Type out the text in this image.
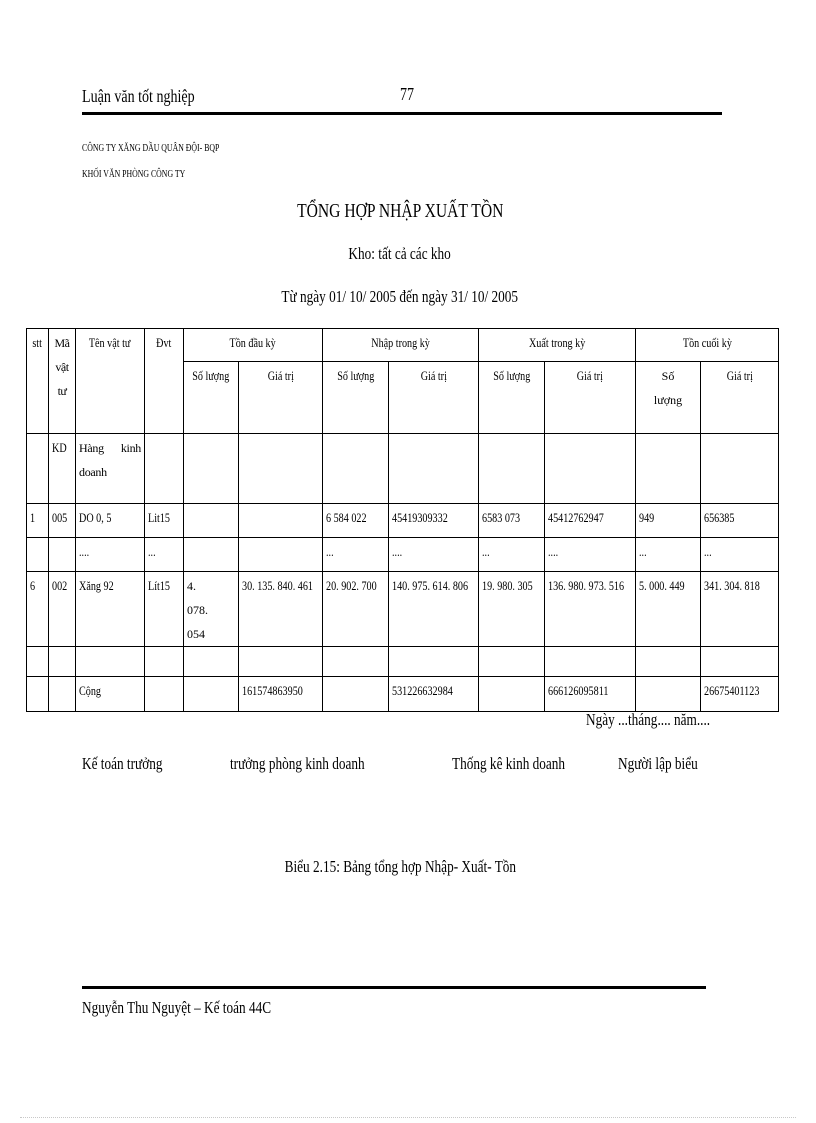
Luận văn tốt nghiệp	77
CÔNG TY XĂNG DẦU QUÂN ĐỘI- BQP
KHỐI VĂN PHÒNG CÔNG TY
TỔNG HỢP NHẬP XUẤT TỒN
Kho: tất cả các kho
Từ ngày 01/ 10/ 2005 đến ngày 31/ 10/ 2005
stt	Mã vật tư	Tên vật tư	Đvt	Tồn đầu kỳ		Nhập trong kỳ		Xuất trong kỳ		Tồn cuối kỳ	

				Số lượng	Giá trị	Số lượng	Giá trị	Số lượng	Giá trị	Số lượng	Giá trị

	KD	Hàng kinh doanh									

1	005	DO 0, 5	Lit15			6 584 022	45419309332	6583 073	45412762947	949	656385

		....	...			...	....	...	....	...	...

6	002	Xăng 92	Lít15	4. 078. 054	30. 135. 840. 461	20. 902. 700	140. 975. 614. 806	19. 980. 305	136. 980. 973. 516	5. 000. 449	341. 304. 818

		Cộng			161574863950		531226632984		666126095811		26675401123
Ngày ...tháng.... năm....
Kế toán trưởng	trưởng phòng kinh doanh	Thống kê kinh doanh	Người lập biểu
Biểu 2.15: Bảng tổng hợp Nhập- Xuất- Tồn
Nguyễn Thu Nguyệt – Kế toán 44C
